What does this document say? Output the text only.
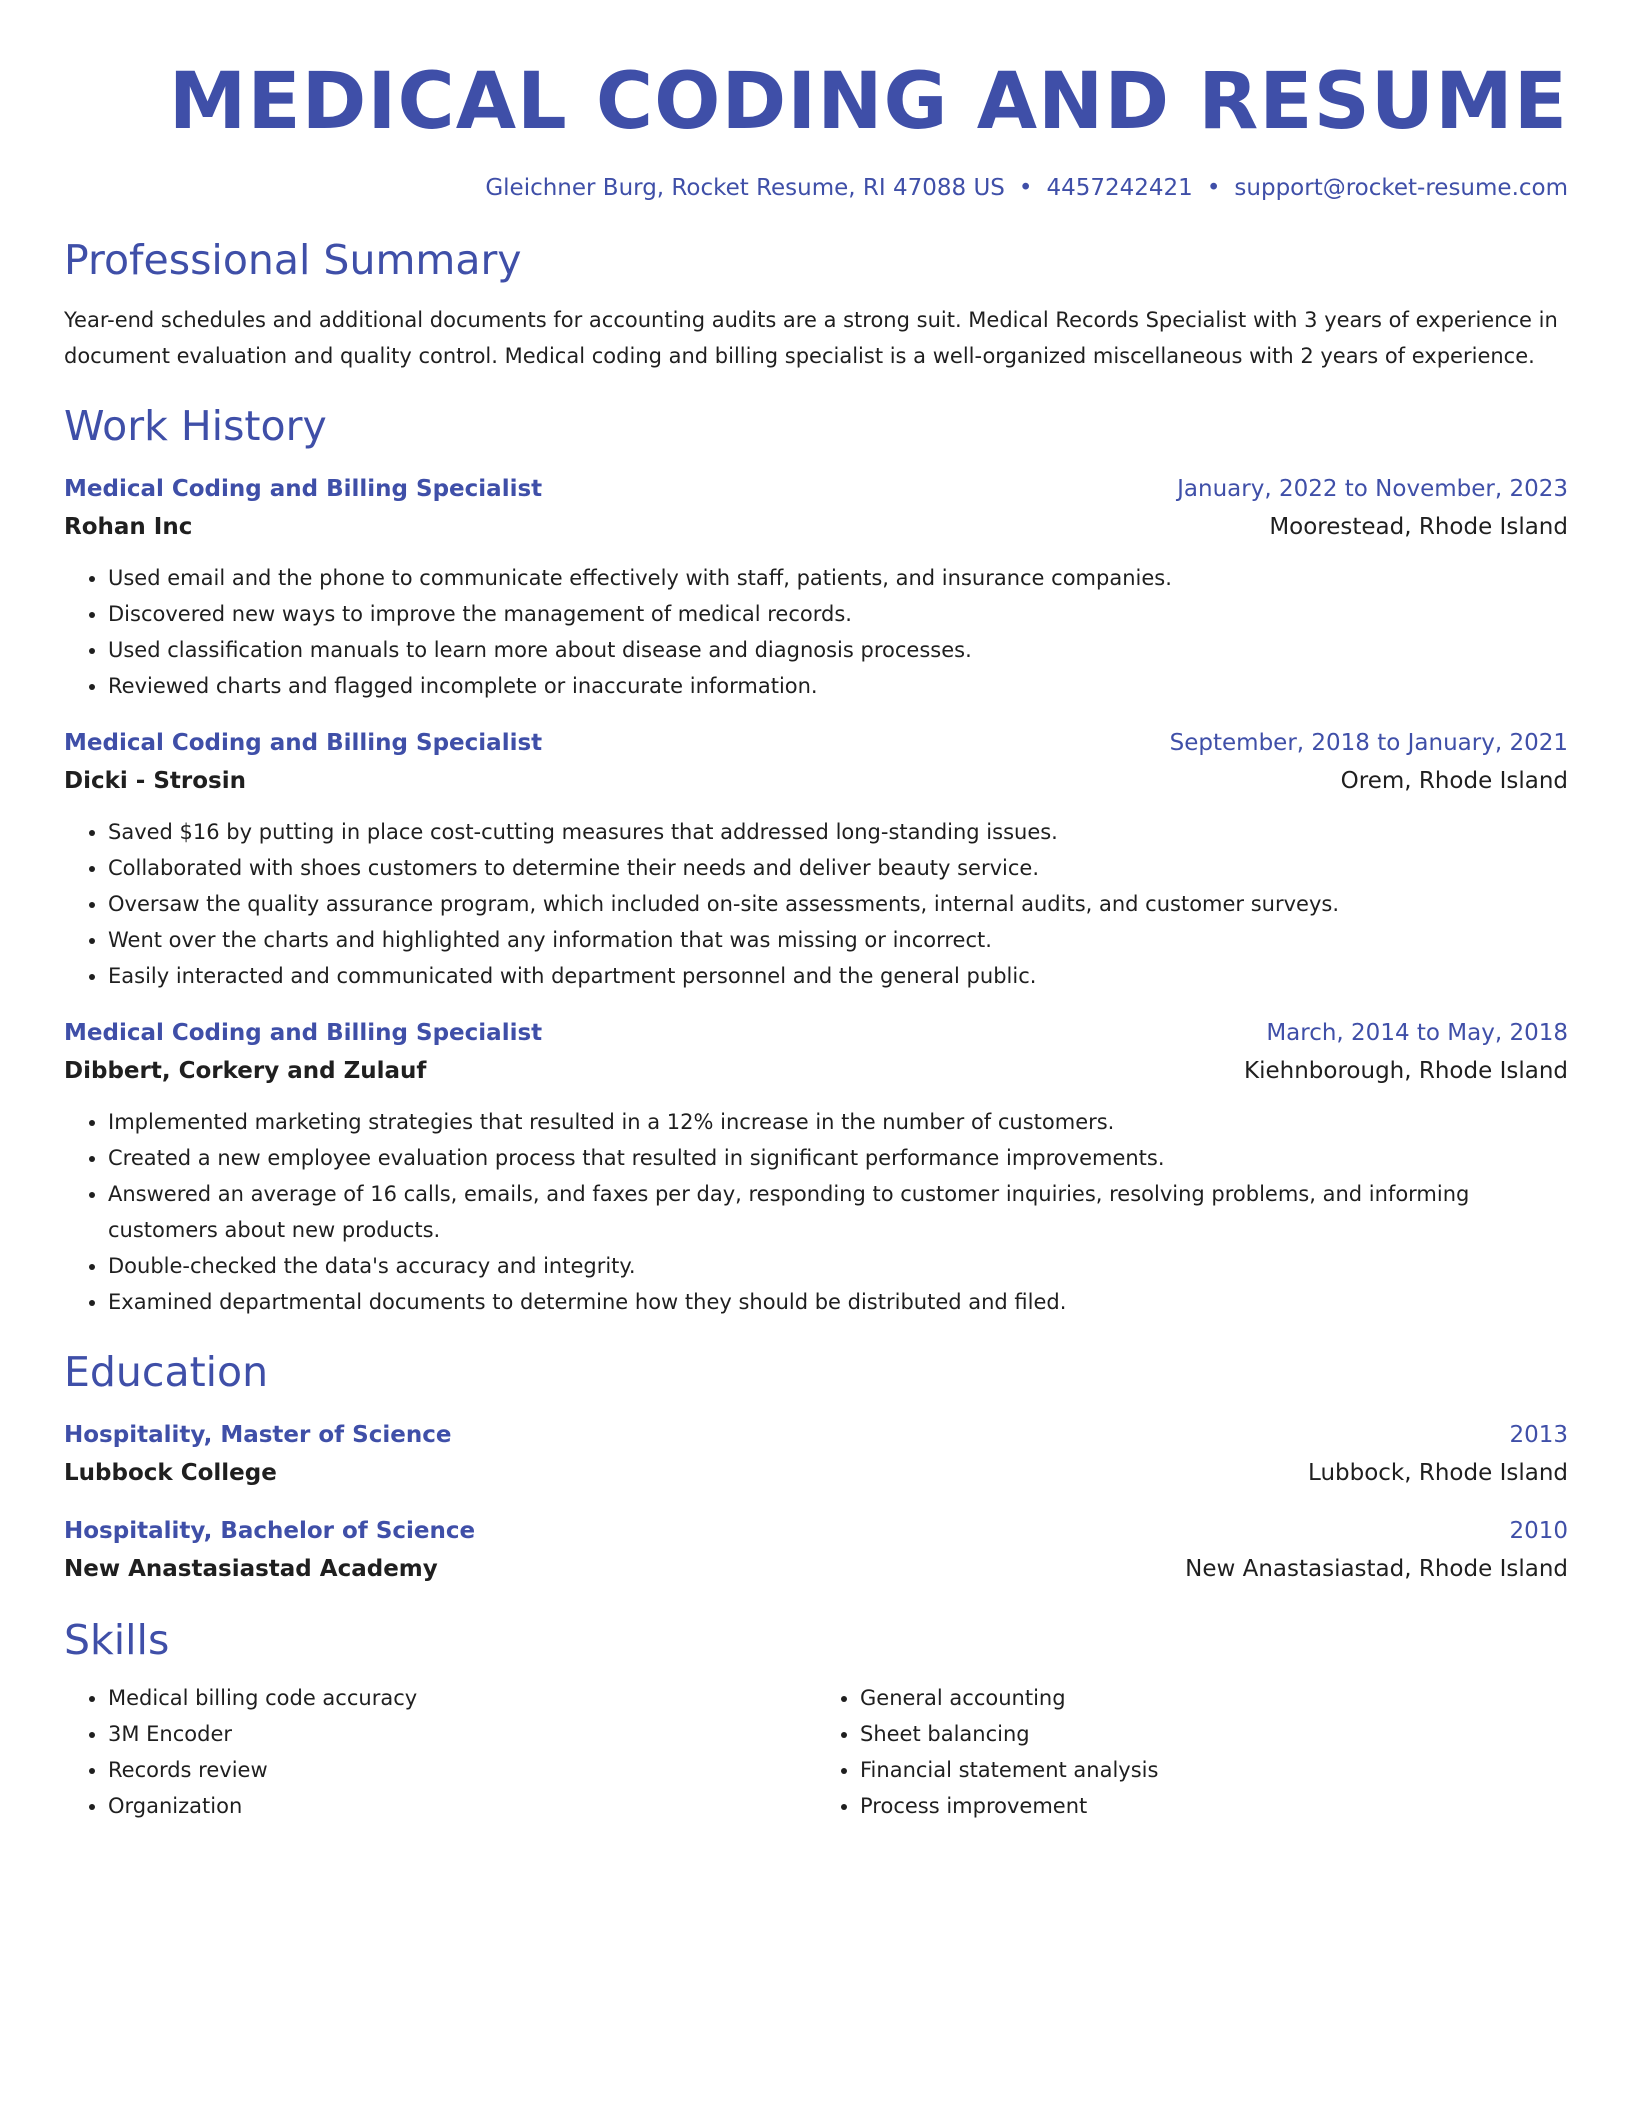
MEDICAL CODING AND RESUME
Gleichner Burg, Rocket Resume, RI 47088 US • 4457242421 • support@rocket-resume.com
Professional Summary
Year-end schedules and additional documents for accounting audits are a strong suit. Medical Records Specialist with 3 years of experience in document evaluation and quality control. Medical coding and billing specialist is a well-organized miscellaneous with 2 years of experience.
Work History
Medical Coding and Billing Specialist	January, 2022 to November, 2023
Rohan Inc	Moorestead, Rhode Island
• Used email and the phone to communicate effectively with staff, patients, and insurance companies.
• Discovered new ways to improve the management of medical records.
• Used classification manuals to learn more about disease and diagnosis processes.
• Reviewed charts and flagged incomplete or inaccurate information.
Medical Coding and Billing Specialist	September, 2018 to January, 2021
Dicki - Strosin	Orem, Rhode Island
• Saved $16 by putting in place cost-cutting measures that addressed long-standing issues.
• Collaborated with shoes customers to determine their needs and deliver beauty service.
• Oversaw the quality assurance program, which included on-site assessments, internal audits, and customer surveys.
• Went over the charts and highlighted any information that was missing or incorrect.
• Easily interacted and communicated with department personnel and the general public.
Medical Coding and Billing Specialist	March, 2014 to May, 2018
Dibbert, Corkery and Zulauf	Kiehnborough, Rhode Island
• Implemented marketing strategies that resulted in a 12% increase in the number of customers.
• Created a new employee evaluation process that resulted in significant performance improvements.
• Answered an average of 16 calls, emails, and faxes per day, responding to customer inquiries, resolving problems, and informing customers about new products.
• Double-checked the data's accuracy and integrity.
• Examined departmental documents to determine how they should be distributed and filed.
Education
Hospitality, Master of Science	2013
Lubbock College	Lubbock, Rhode Island
Hospitality, Bachelor of Science	2010
New Anastasiastad Academy	New Anastasiastad, Rhode Island
Skills
• Medical billing code accuracy
• 3M Encoder
• Records review
• Organization
• General accounting
• Sheet balancing
• Financial statement analysis
• Process improvement
